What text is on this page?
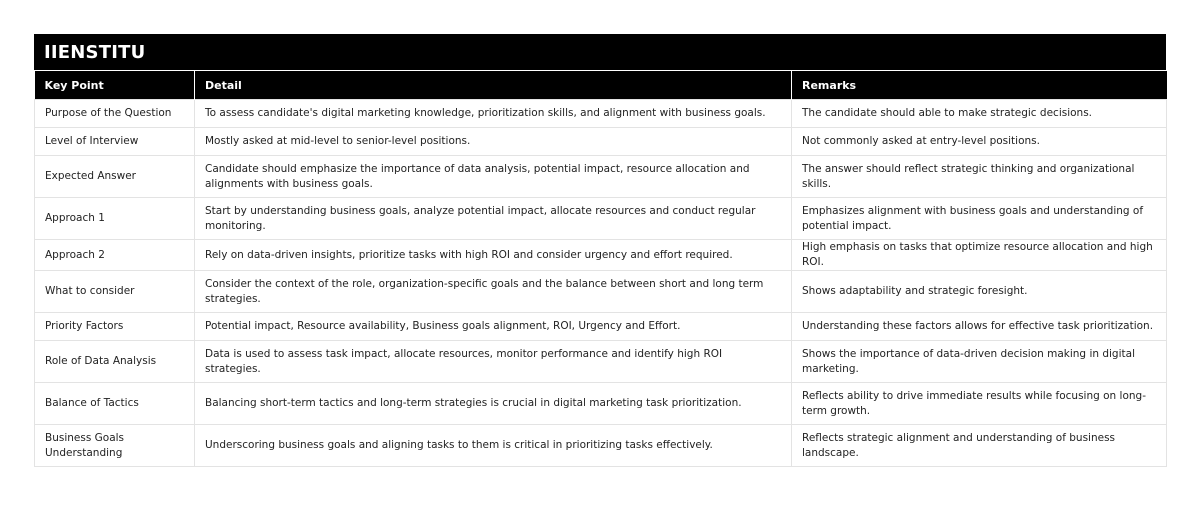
IIENSTITU
Key Point	Detail	Remarks
Purpose of the Question	To assess candidate's digital marketing knowledge, prioritization skills, and alignment with business goals.	The candidate should able to make strategic decisions.
Level of Interview	Mostly asked at mid-level to senior-level positions.	Not commonly asked at entry-level positions.
Expected Answer	Candidate should emphasize the importance of data analysis, potential impact, resource allocation and alignments with business goals.	The answer should reflect strategic thinking and organizational skills.
Approach 1	Start by understanding business goals, analyze potential impact, allocate resources and conduct regular monitoring.	Emphasizes alignment with business goals and understanding of potential impact.
Approach 2	Rely on data-driven insights, prioritize tasks with high ROI and consider urgency and effort required.	High emphasis on tasks that optimize resource allocation and high ROI.
What to consider	Consider the context of the role, organization-specific goals and the balance between short and long term strategies.	Shows adaptability and strategic foresight.
Priority Factors	Potential impact, Resource availability, Business goals alignment, ROI, Urgency and Effort.	Understanding these factors allows for effective task prioritization.
Role of Data Analysis	Data is used to assess task impact, allocate resources, monitor performance and identify high ROI strategies.	Shows the importance of data-driven decision making in digital marketing.
Balance of Tactics	Balancing short-term tactics and long-term strategies is crucial in digital marketing task prioritization.	Reflects ability to drive immediate results while focusing on long-term growth.
Business Goals Understanding	Underscoring business goals and aligning tasks to them is critical in prioritizing tasks effectively.	Reflects strategic alignment and understanding of business landscape.
